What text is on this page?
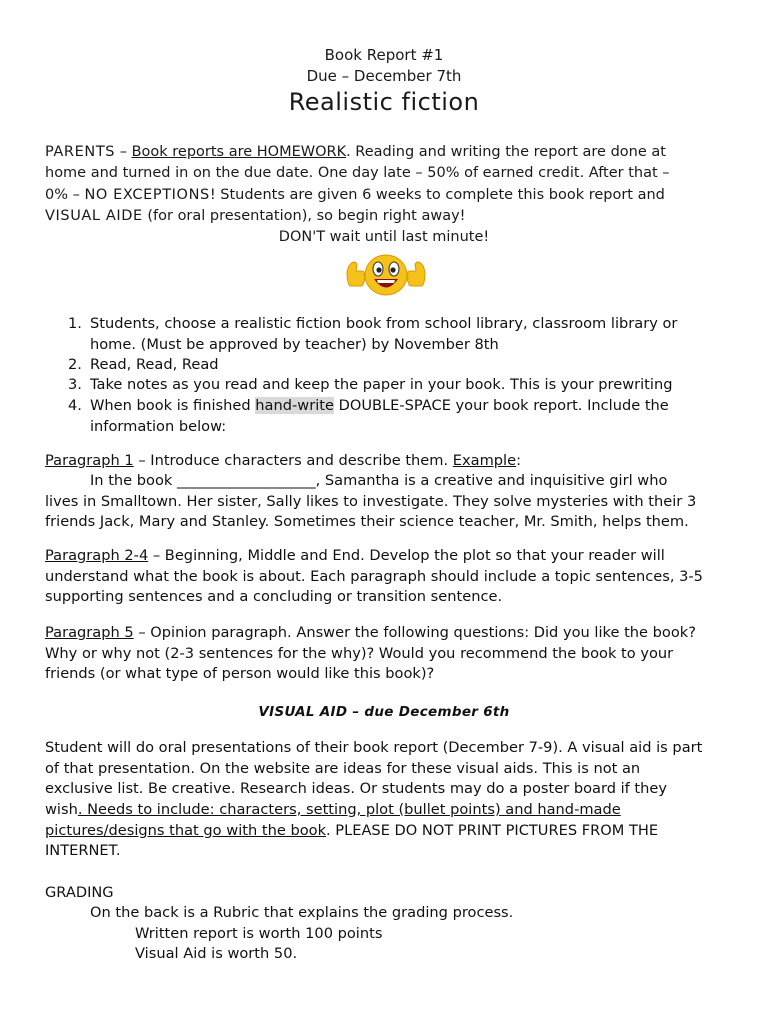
Book Report #1
Due – December 7th
Realistic fiction
PARENTS – Book reports are HOMEWORK. Reading and writing the report are done at
home and turned in on the due date. One day late – 50% of earned credit. After that –
0% – NO EXCEPTIONS! Students are given 6 weeks to complete this book report and
VISUAL AIDE (for oral presentation), so begin right away!
DON'T wait until last minute!
1. Students, choose a realistic fiction book from school library, classroom library or
home. (Must be approved by teacher) by November 8th
2. Read, Read, Read
3. Take notes as you read and keep the paper in your book. This is your prewriting
4. When book is finished hand-write DOUBLE-SPACE your book report. Include the
information below:
Paragraph 1 – Introduce characters and describe them. Example:
In the book ___________________, Samantha is a creative and inquisitive girl who
lives in Smalltown. Her sister, Sally likes to investigate. They solve mysteries with their 3
friends Jack, Mary and Stanley. Sometimes their science teacher, Mr. Smith, helps them.
Paragraph 2-4 – Beginning, Middle and End. Develop the plot so that your reader will
understand what the book is about. Each paragraph should include a topic sentences, 3-5
supporting sentences and a concluding or transition sentence.
Paragraph 5 – Opinion paragraph. Answer the following questions: Did you like the book?
Why or why not (2-3 sentences for the why)? Would you recommend the book to your
friends (or what type of person would like this book)?
VISUAL AID – due December 6th
Student will do oral presentations of their book report (December 7-9). A visual aid is part
of that presentation. On the website are ideas for these visual aids. This is not an
exclusive list. Be creative. Research ideas. Or students may do a poster board if they
wish. Needs to include: characters, setting, plot (bullet points) and hand-made
pictures/designs that go with the book. PLEASE DO NOT PRINT PICTURES FROM THE
INTERNET.
GRADING
On the back is a Rubric that explains the grading process.
Written report is worth 100 points
Visual Aid is worth 50.
